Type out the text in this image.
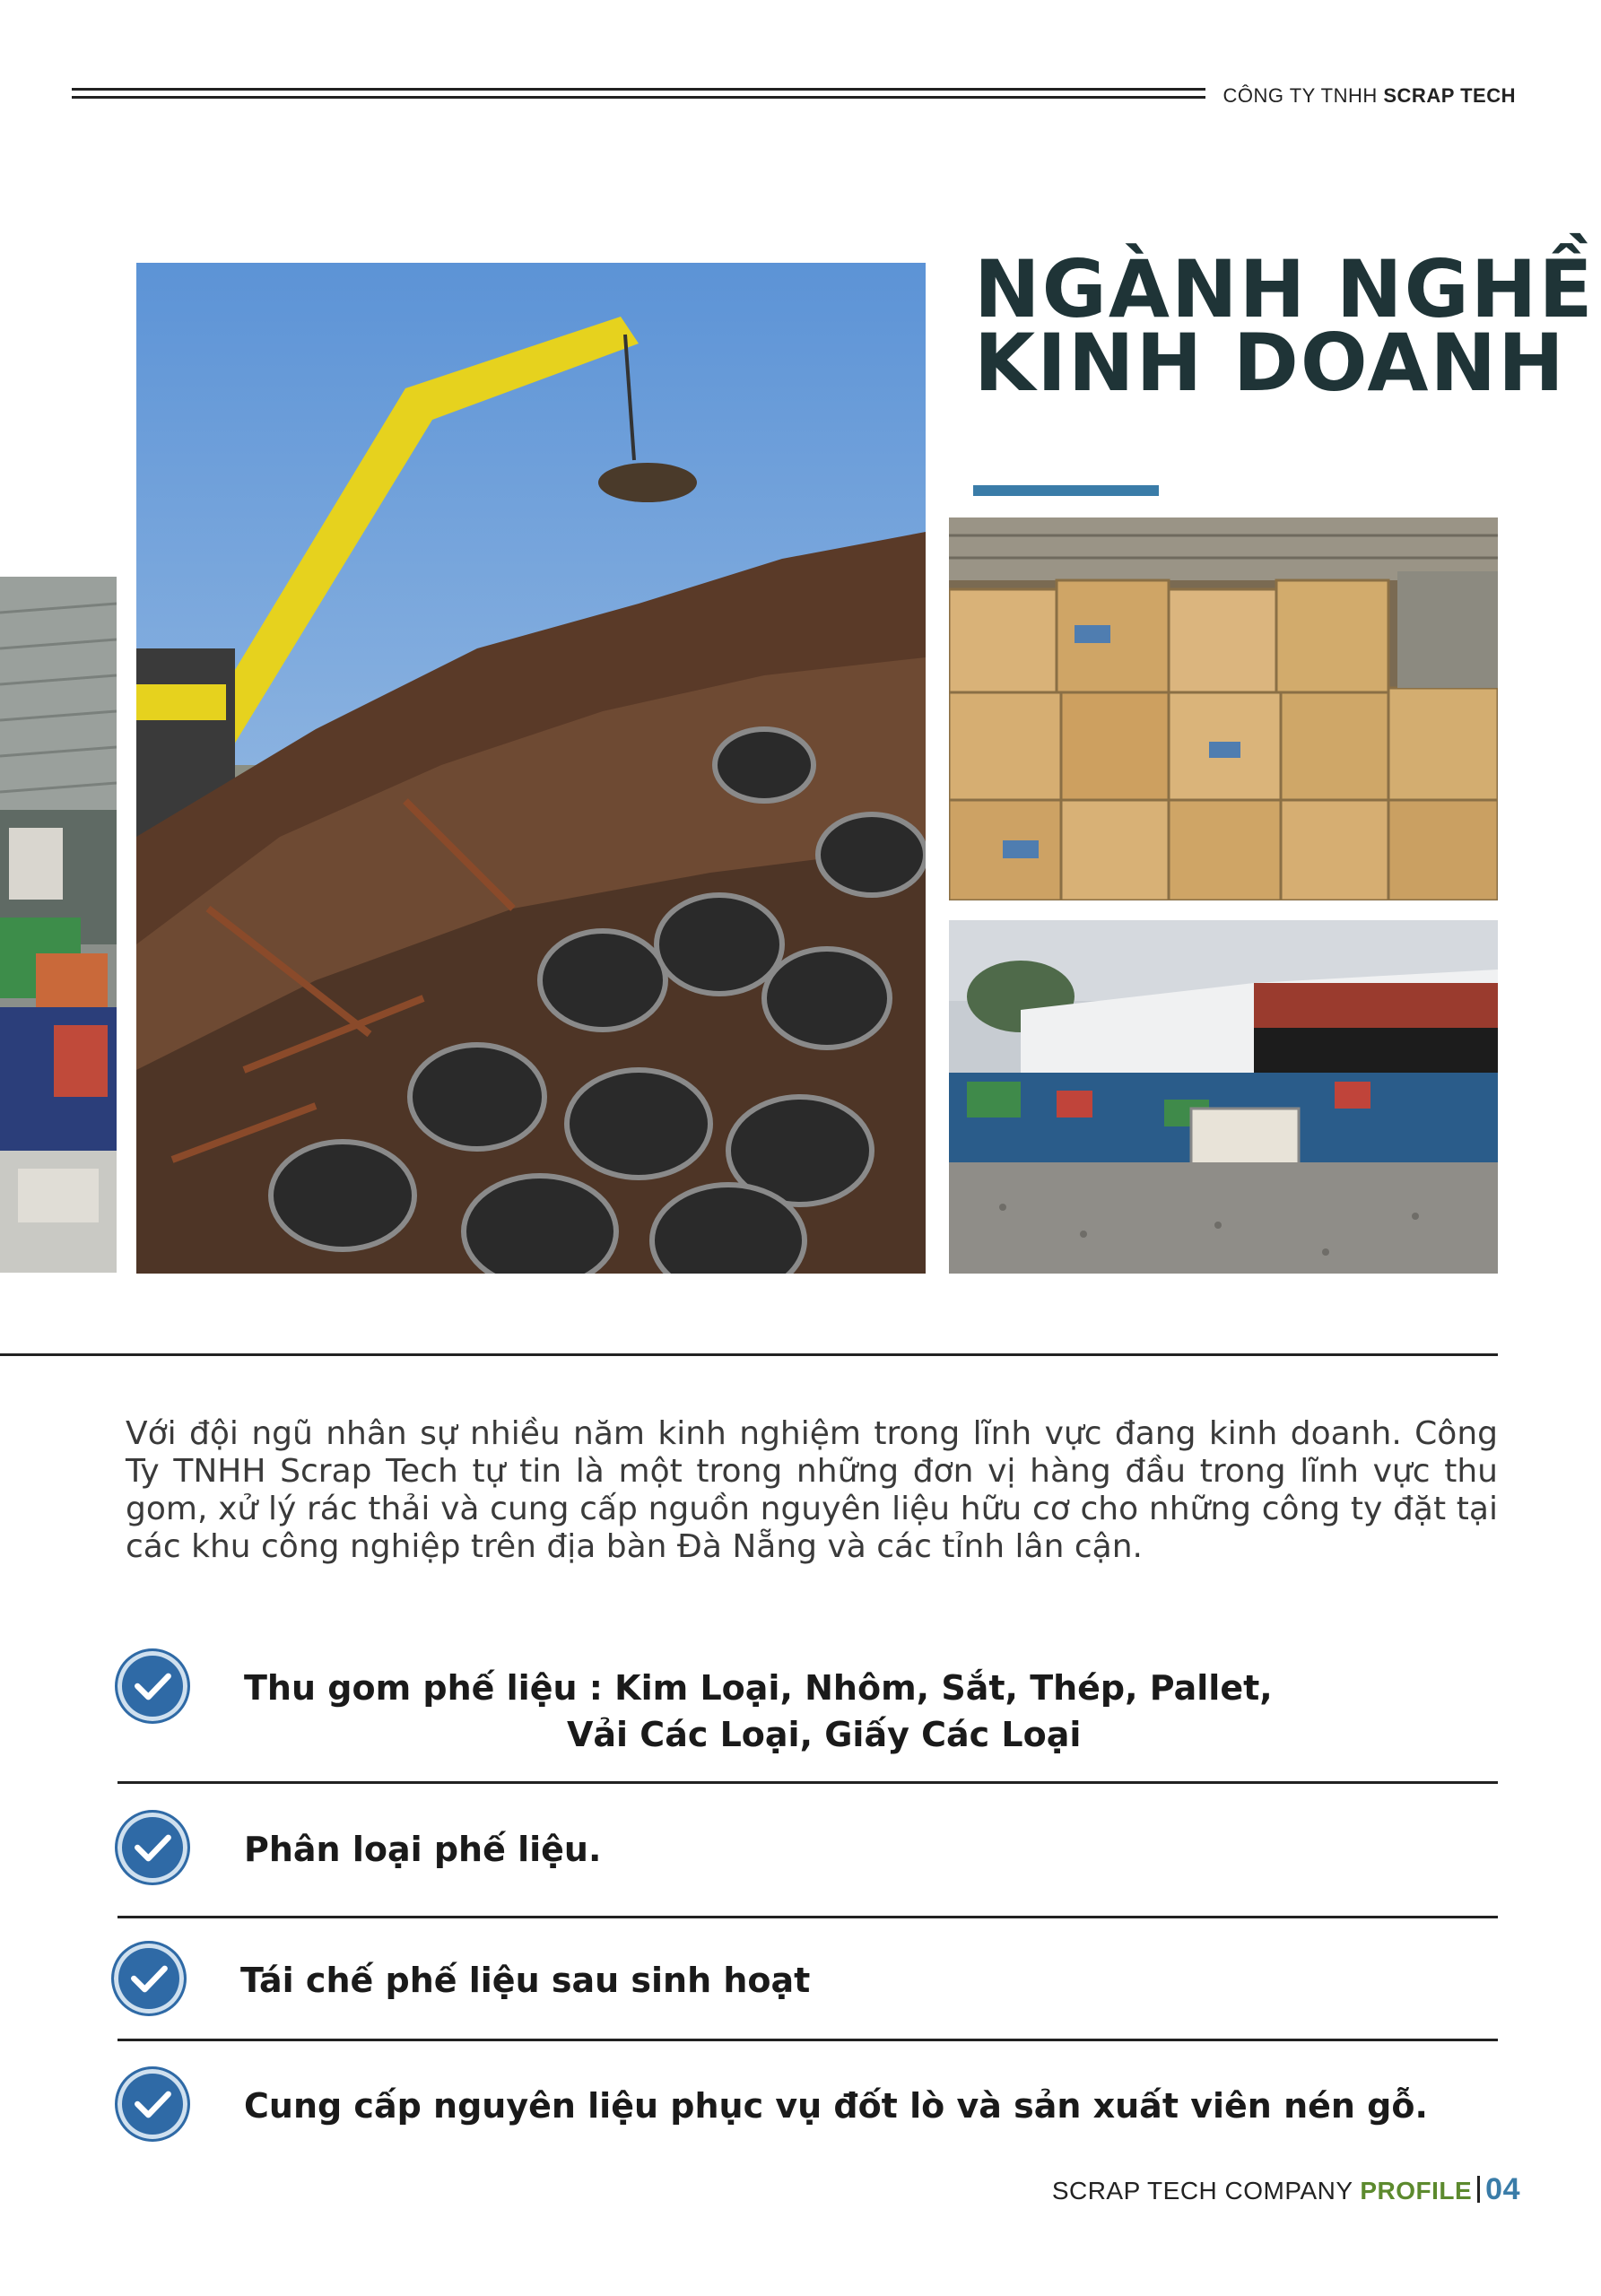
CÔNG TY TNHH SCRAP TECH
NGÀNH NGHỀ
KINH DOANH
Với đội ngũ nhân sự nhiều năm kinh nghiệm trong lĩnh vực đang kinh doanh. Công Ty TNHH Scrap Tech tự tin là một trong những đơn vị hàng đầu trong lĩnh vực thu gom, xử lý rác thải và cung cấp nguồn nguyên liệu hữu cơ cho những công ty đặt tại các khu công nghiệp trên địa bàn Đà Nẵng và các tỉnh lân cận.
Thu gom phế liệu : Kim Loại, Nhôm, Sắt, Thép, Pallet,
Vải Các Loại, Giấy Các Loại
Phân loại phế liệu.
Tái chế phế liệu sau sinh hoạt
Cung cấp nguyên liệu phục vụ đốt lò và sản xuất viên nén gỗ.
SCRAP TECH COMPANY PROFILE 04
